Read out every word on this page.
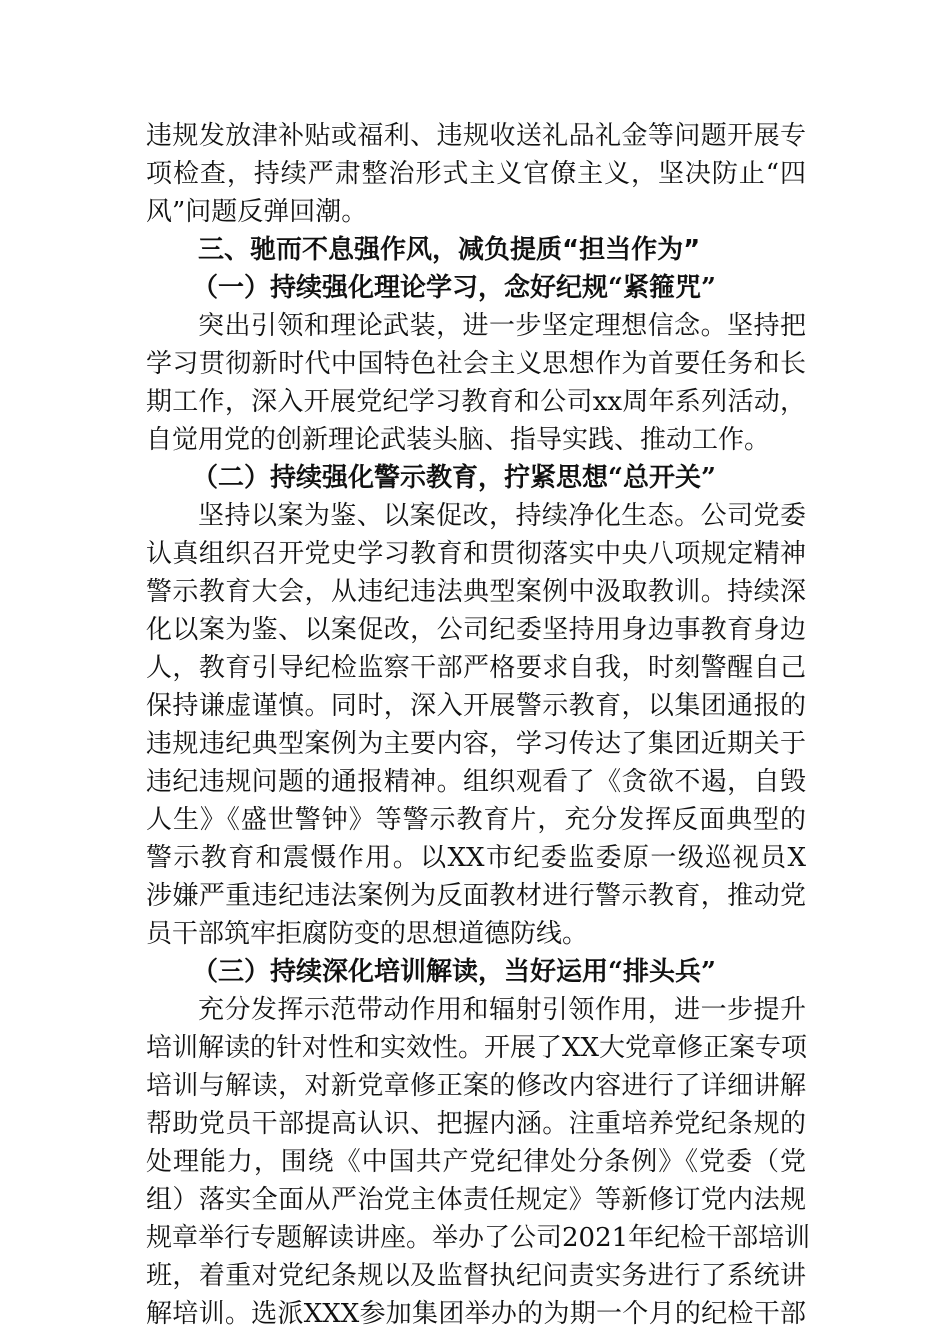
违规发放津补贴或福利、违规收送礼品礼金等问题开展专
项检查，持续严肃整治形式主义官僚主义，坚决防止“四
风”问题反弹回潮。
三、驰而不息强作风，减负提质“担当作为”
（一）持续强化理论学习，念好纪规“紧箍咒”
突出引领和理论武装，进一步坚定理想信念。坚持把
学习贯彻新时代中国特色社会主义思想作为首要任务和长
期工作，深入开展党纪学习教育和公司xx周年系列活动，
自觉用党的创新理论武装头脑、指导实践、推动工作。
（二）持续强化警示教育，拧紧思想“总开关”
坚持以案为鉴、以案促改，持续净化生态。公司党委
认真组织召开党史学习教育和贯彻落实中央八项规定精神
警示教育大会，从违纪违法典型案例中汲取教训。持续深
化以案为鉴、以案促改，公司纪委坚持用身边事教育身边
人，教育引导纪检监察干部严格要求自我，时刻警醒自己
保持谦虚谨慎。同时，深入开展警示教育，以集团通报的
违规违纪典型案例为主要内容，学习传达了集团近期关于
违纪违规问题的通报精神。组织观看了《贪欲不遏，自毁
人生》《盛世警钟》等警示教育片，充分发挥反面典型的
警示教育和震慑作用。以XX市纪委监委原一级巡视员X
涉嫌严重违纪违法案例为反面教材进行警示教育，推动党
员干部筑牢拒腐防变的思想道德防线。
（三）持续深化培训解读，当好运用“排头兵”
充分发挥示范带动作用和辐射引领作用，进一步提升
培训解读的针对性和实效性。开展了XX大党章修正案专项
培训与解读，对新党章修正案的修改内容进行了详细讲解
帮助党员干部提高认识、把握内涵。注重培养党纪条规的
处理能力，围绕《中国共产党纪律处分条例》《党委（党
组）落实全面从严治党主体责任规定》等新修订党内法规
规章举行专题解读讲座。举办了公司2021年纪检干部培训
班，着重对党纪条规以及监督执纪问责实务进行了系统讲
解培训。选派XXX参加集团举办的为期一个月的纪检干部
